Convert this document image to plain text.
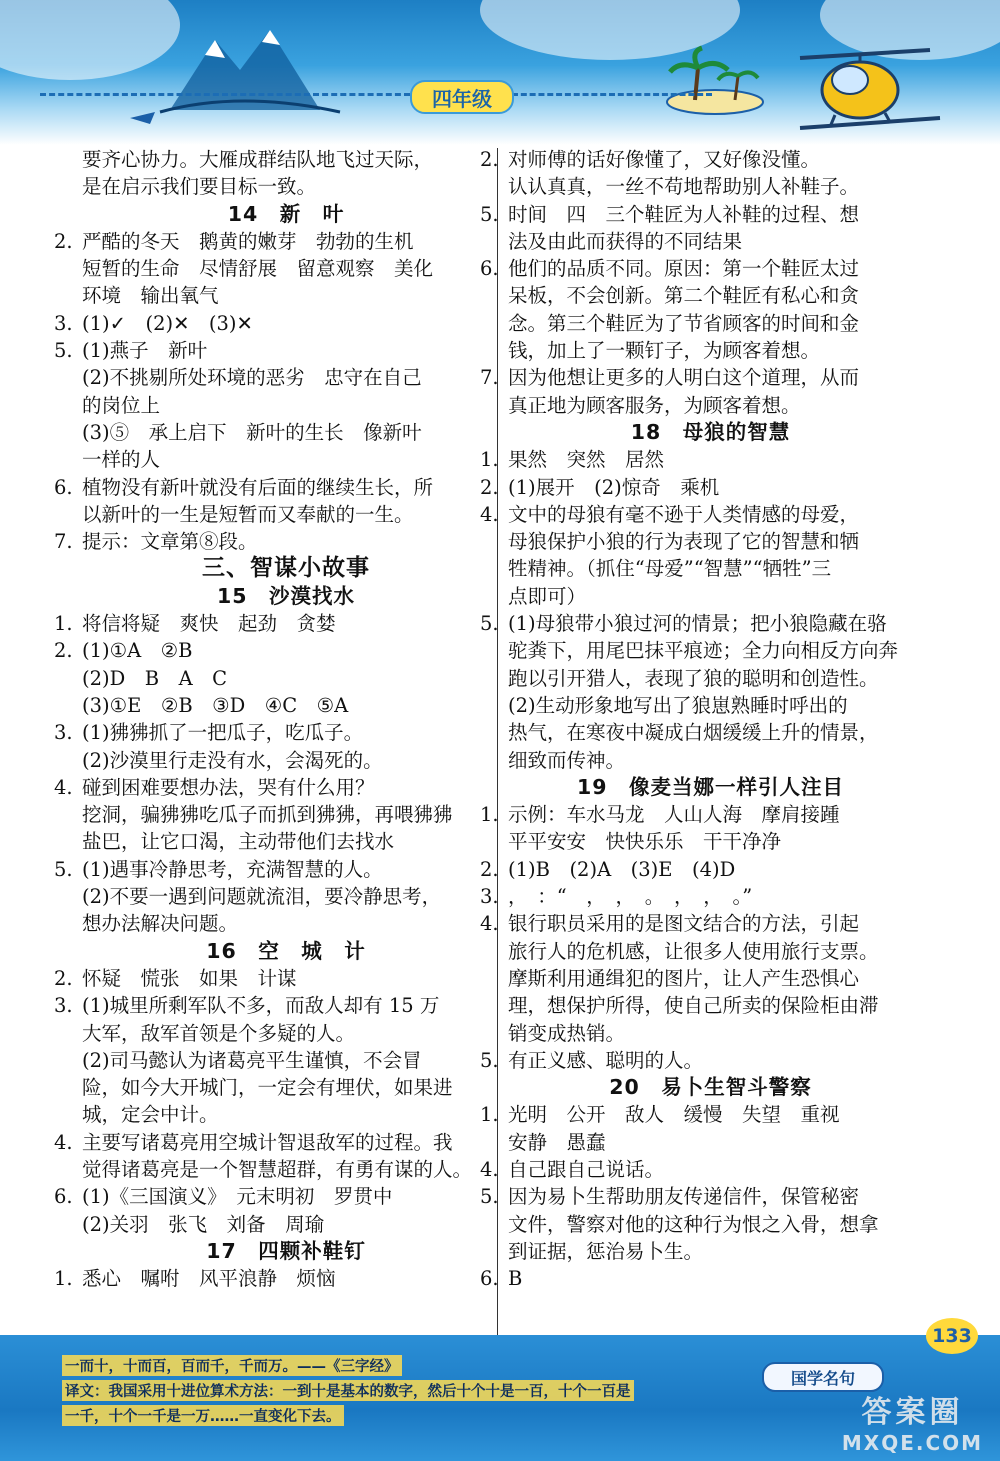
四年级
要齐心协力。大雁成群结队地飞过天际，
是在启示我们要目标一致。
14　新　叶
2. 严酷的冬天　鹅黄的嫩芽　勃勃的生机
短暂的生命　尽情舒展　留意观察　美化
环境　输出氧气
3. (1)✓　(2)✕　(3)✕
5. (1)燕子　新叶
(2)不挑剔所处环境的恶劣　忠守在自己
的岗位上
(3)⑤　承上启下　新叶的生长　像新叶
一样的人
6. 植物没有新叶就没有后面的继续生长，所
以新叶的一生是短暂而又奉献的一生。
7. 提示：文章第⑧段。
三、智谋小故事
15　沙漠找水
1. 将信将疑　爽快　起劲　贪婪
2. (1)①A　②B
(2)D　B　A　C
(3)①E　②B　③D　④C　⑤A
3. (1)狒狒抓了一把瓜子，吃瓜子。
(2)沙漠里行走没有水，会渴死的。
4. 碰到困难要想办法，哭有什么用？
挖洞，骗狒狒吃瓜子而抓到狒狒，再喂狒狒
盐巴，让它口渴，主动带他们去找水
5. (1)遇事冷静思考，充满智慧的人。
(2)不要一遇到问题就流泪，要冷静思考，
想办法解决问题。
16　空　城　计
2. 怀疑　慌张　如果　计谋
3. (1)城里所剩军队不多，而敌人却有 15 万
大军，敌军首领是个多疑的人。
(2)司马懿认为诸葛亮平生谨慎，不会冒
险，如今大开城门，一定会有埋伏，如果进
城，定会中计。
4. 主要写诸葛亮用空城计智退敌军的过程。我
觉得诸葛亮是一个智慧超群，有勇有谋的人。
6. (1)《三国演义》　元末明初　罗贯中
(2)关羽　张飞　刘备　周瑜
17　四颗补鞋钉
1. 悉心　嘱咐　风平浪静　烦恼
2. 对师傅的话好像懂了，又好像没懂。
认认真真，一丝不苟地帮助别人补鞋子。
5. 时间　四　三个鞋匠为人补鞋的过程、想
法及由此而获得的不同结果
6. 他们的品质不同。原因：第一个鞋匠太过
呆板，不会创新。第二个鞋匠有私心和贪
念。第三个鞋匠为了节省顾客的时间和金
钱，加上了一颗钉子，为顾客着想。
7. 因为他想让更多的人明白这个道理，从而
真正地为顾客服务，为顾客着想。
18　母狼的智慧
1. 果然　突然　居然
2. (1)展开　(2)惊奇　乘机
4. 文中的母狼有毫不逊于人类情感的母爱，
母狼保护小狼的行为表现了它的智慧和牺
牲精神。（抓住“母爱”“智慧”“牺牲”三
点即可）
5. (1)母狼带小狼过河的情景；把小狼隐藏在骆
驼粪下，用尾巴抹平痕迹；全力向相反方向奔
跑以引开猎人，表现了狼的聪明和创造性。
(2)生动形象地写出了狼崽熟睡时呼出的
热气，在寒夜中凝成白烟缓缓上升的情景，
细致而传神。
19　像麦当娜一样引人注目
1. 示例：车水马龙　人山人海　摩肩接踵
平平安安　快快乐乐　干干净净
2. (1)B　(2)A　(3)E　(4)D
3. ，　：“　，　，　。　，　，　。”
4. 银行职员采用的是图文结合的方法，引起
旅行人的危机感，让很多人使用旅行支票。
摩斯利用通缉犯的图片，让人产生恐惧心
理，想保护所得，使自己所卖的保险柜由滞
销变成热销。
5. 有正义感、聪明的人。
20　易卜生智斗警察
1. 光明　公开　敌人　缓慢　失望　重视
安静　愚蠢
4. 自己跟自己说话。
5. 因为易卜生帮助朋友传递信件，保管秘密
文件，警察对他的这种行为恨之入骨，想拿
到证据，惩治易卜生。
6. B
一而十，十而百，百而千，千而万。——《三字经》
译文：我国采用十进位算术方法：一到十是基本的数字，然后十个十是一百，十个一百是
一千，十个一千是一万……一直变化下去。
133
国学名句
答案圈
MXQE.COM
